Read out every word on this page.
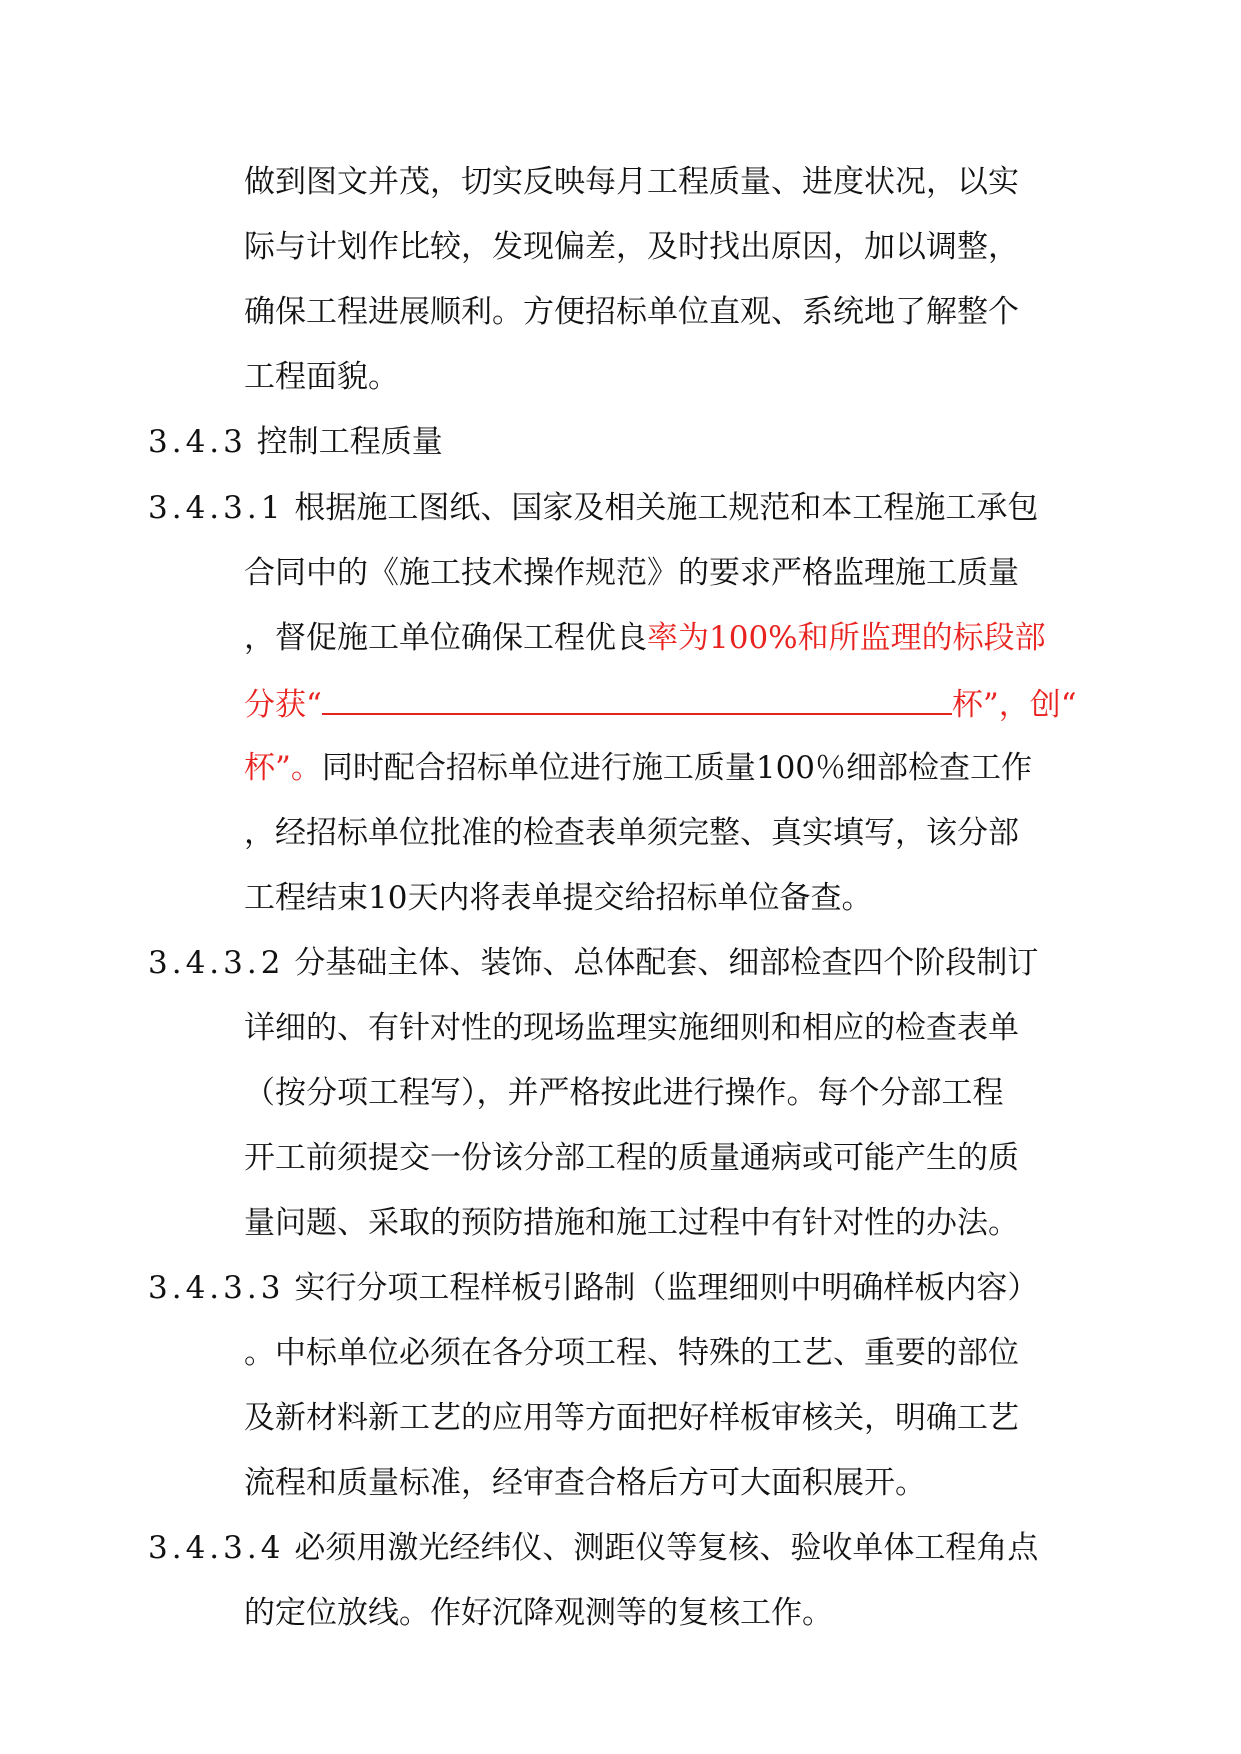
做到图文并茂，切实反映每月工程质量、进度状况，以实

际与计划作比较，发现偏差，及时找出原因，加以调整，

确保工程进展顺利。方便招标单位直观、系统地了解整个

工程面貌。

3.4.3 控制工程质量

3.4.3.1 根据施工图纸、国家及相关施工规范和本工程施工承包

合同中的《施工技术操作规范》的要求严格监理施工质量

，督促施工单位确保工程优良率为100%和所监理的标段部

分获“	杯”，创“

杯”。同时配合招标单位进行施工质量100％细部检查工作

，经招标单位批准的检查表单须完整、真实填写，该分部

工程结束10天内将表单提交给招标单位备查。

3.4.3.2 分基础主体、装饰、总体配套、细部检查四个阶段制订

详细的、有针对性的现场监理实施细则和相应的检查表单

（按分项工程写），并严格按此进行操作。每个分部工程

开工前须提交一份该分部工程的质量通病或可能产生的质

量问题、采取的预防措施和施工过程中有针对性的办法。

3.4.3.3 实行分项工程样板引路制（监理细则中明确样板内容）

。中标单位必须在各分项工程、特殊的工艺、重要的部位

及新材料新工艺的应用等方面把好样板审核关，明确工艺

流程和质量标准，经审查合格后方可大面积展开。

3.4.3.4 必须用激光经纬仪、测距仪等复核、验收单体工程角点

的定位放线。作好沉降观测等的复核工作。
